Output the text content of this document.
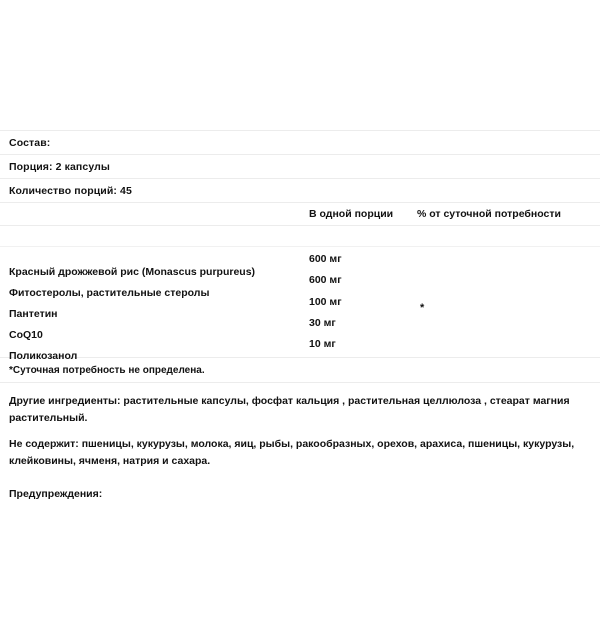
Состав:
Порция: 2 капсулы
Количество порций: 45
В одной порции	% от суточной потребности
Красный дрожжевой рис (Monascus purpureus)
600 мг
Фитостеролы, растительные стеролы
600 мг
Пантетин
100 мг	*
CoQ10
30 мг
Поликозанол
10 мг
*Суточная потребность не определена.
Другие ингредиенты: растительные капсулы, фосфат кальция , растительная целлюлоза , стеарат магния растительный.
Не содержит: пшеницы, кукурузы, молока, яиц, рыбы, ракообразных, орехов, арахиса, пшеницы, кукурузы, клейковины, ячменя, натрия и сахара.
Предупреждения:
